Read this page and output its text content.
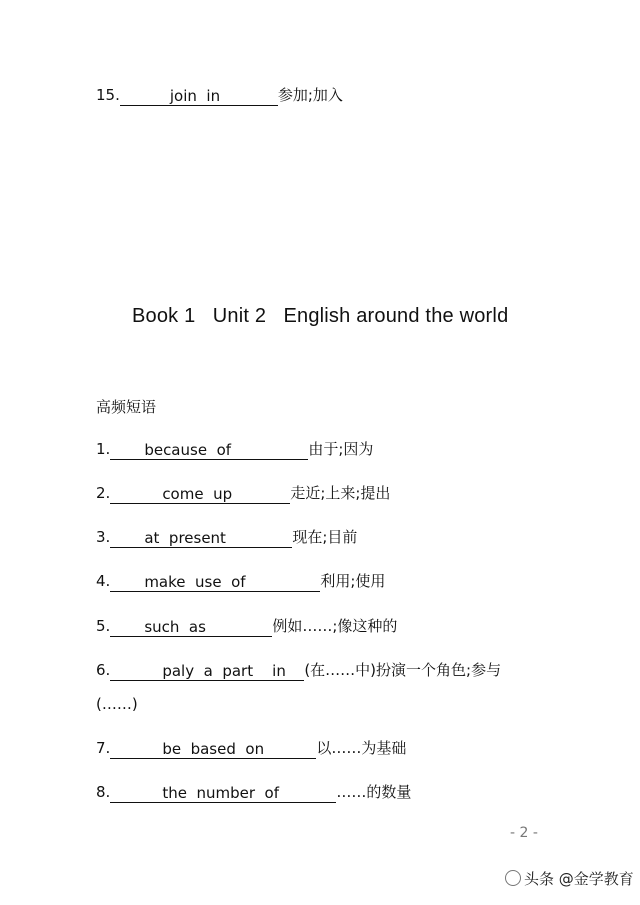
15.	join  in	参加;加入
Book 1   Unit 2   English around the world
高频短语
1. because  of	由于;因为
2.	come  up	走近;上来;提出
3. at  present	现在;目前
4. make  use  of	利用;使用
5. such  as	例如……;像这种的
6.	paly  a  part    in (在……中)扮演一个角色;参与
(……)
7.	be  based  on	以……为基础
8.	the  number  of	……的数量
- 2 -
头条 @金学教育
